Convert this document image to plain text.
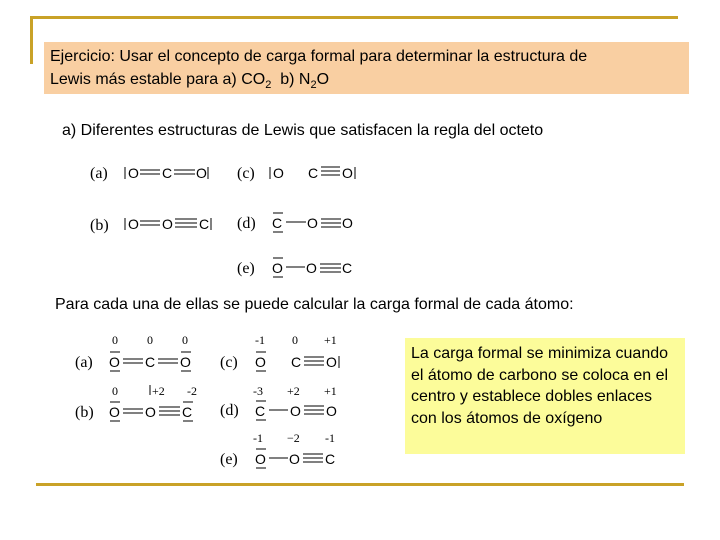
Ejercicio: Usar el concepto de carga formal para determinar la estructura de
Lewis más estable para a) $CO_2$  b) $N_2O$
a) Diferentes estructuras de Lewis que satisfacen la regla del octeto
(a) O C O (c) O C O
(b) O O C (d) C O O
(e) O O C
Para cada una de ellas se puede calcular la carga formal de cada átomo:
0 0 0
(a) O C O
-1 0 +1
(c) O C O
0	+2 -2
(b) O O C
-3 +2 +1
(d) C O O
-1 −2 -1
(e) O O C
La carga formal se minimiza cuando el átomo de carbono se coloca en el centro y establece dobles enlaces con los átomos de oxígeno
